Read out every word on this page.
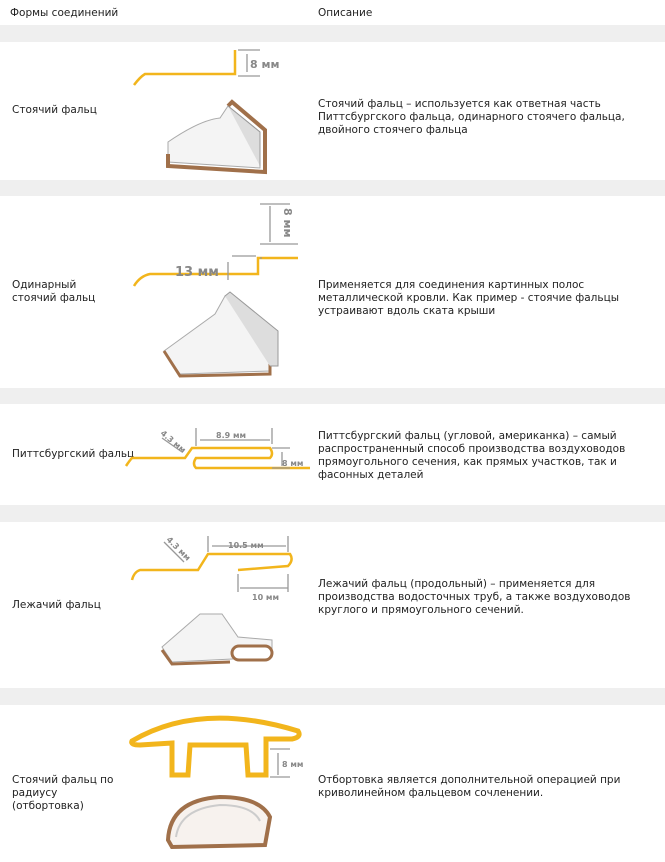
Формы соединений	Описание
Стоячий фальц	Стоячий фальц – используется как ответная часть Питтсбургского фальца, одинарного стоячего фальца, двойного стоячего фальца
8 мм
Одинарный стоячий фальц
Применяется для соединения картинных полос металлической кровли. Как пример - стоячие фальцы устраивают вдоль ската крыши
13 мм
8 мм
Питтсбургский фальц
Питтсбургский фальц (угловой, американка) – самый распространенный способ производства воздуховодов прямоугольного сечения, как прямых участков, так и фасонных деталей
8.9 мм
8 мм
4.3 мм
Лежачий фальц
Лежачий фальц (продольный) – применяется для производства водосточных труб, а также воздуховодов круглого и прямоугольного сечений.
10.5 мм
10 мм
4.3 мм
Стоячий фальц по радиусу (отбортовка)
Отбортовка является дополнительной операцией при криволинейном фальцевом сочленении.
8 мм
